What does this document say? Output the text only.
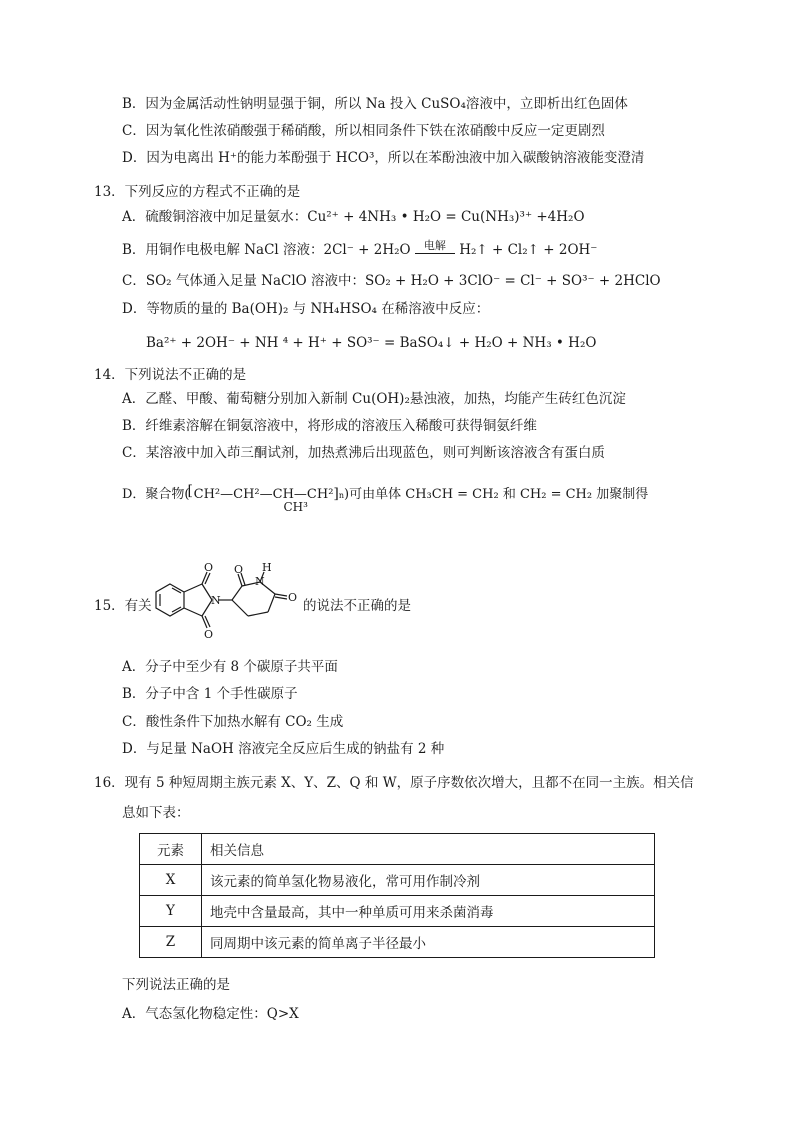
B．因为金属活动性钠明显强于铜，所以 Na 投入 CuSO₄溶液中，立即析出红色固体
C．因为氧化性浓硝酸强于稀硝酸，所以相同条件下铁在浓硝酸中反应一定更剧烈
D．因为电离出 H⁺的能力苯酚强于 HCO³，所以在苯酚浊液中加入碳酸钠溶液能变澄清
13．下列反应的方程式不正确的是
A．硫酸铜溶液中加足量氨水：Cu²⁺ + 4NH₃ • H₂O = Cu(NH₃)³⁺ +4H₂O
B．用铜作电极电解 NaCl 溶液：2Cl⁻ + 2H₂O 电解 H₂↑ + Cl₂↑ + 2OH⁻
C．SO₂ 气体通入足量 NaClO 溶液中：SO₂ + H₂O + 3ClO⁻ = Cl⁻ + SO³⁻ + 2HClO
D．等物质的量的 Ba(OH)₂ 与 NH₄HSO₄ 在稀溶液中反应：
Ba²⁺ + 2OH⁻ + NH ⁴ + H⁺ + SO³⁻ = BaSO₄↓ + H₂O + NH₃ • H₂O
14．下列说法不正确的是
A．乙醛、甲酸、葡萄糖分别加入新制 Cu(OH)₂悬浊液，加热，均能产生砖红色沉淀
B．纤维素溶解在铜氨溶液中，将形成的溶液压入稀酸可获得铜氨纤维
C．某溶液中加入茚三酮试剂，加热煮沸后出现蓝色，则可判断该溶液含有蛋白质
D．聚合物(
[ CH²—CH²—CH—CH²]n
CH³
)可由单体 CH₃CH = CH₂ 和 CH₂ = CH₂ 加聚制得
15．有关
O
N
O
H
N
O
O
的说法不正确的是
A．分子中至少有 8 个碳原子共平面
B．分子中含 1 个手性碳原子
C．酸性条件下加热水解有 CO₂ 生成
D．与足量 NaOH 溶液完全反应后生成的钠盐有 2 种
16．现有 5 种短周期主族元素 X、Y、Z、Q 和 W，原子序数依次增大，且都不在同一主族。相关信
息如下表：
元素	相关信息
X	该元素的简单氢化物易液化，常可用作制冷剂
Y	地壳中含量最高，其中一种单质可用来杀菌消毒
Z	同周期中该元素的简单离子半径最小
下列说法正确的是
A．气态氢化物稳定性：Q>X
